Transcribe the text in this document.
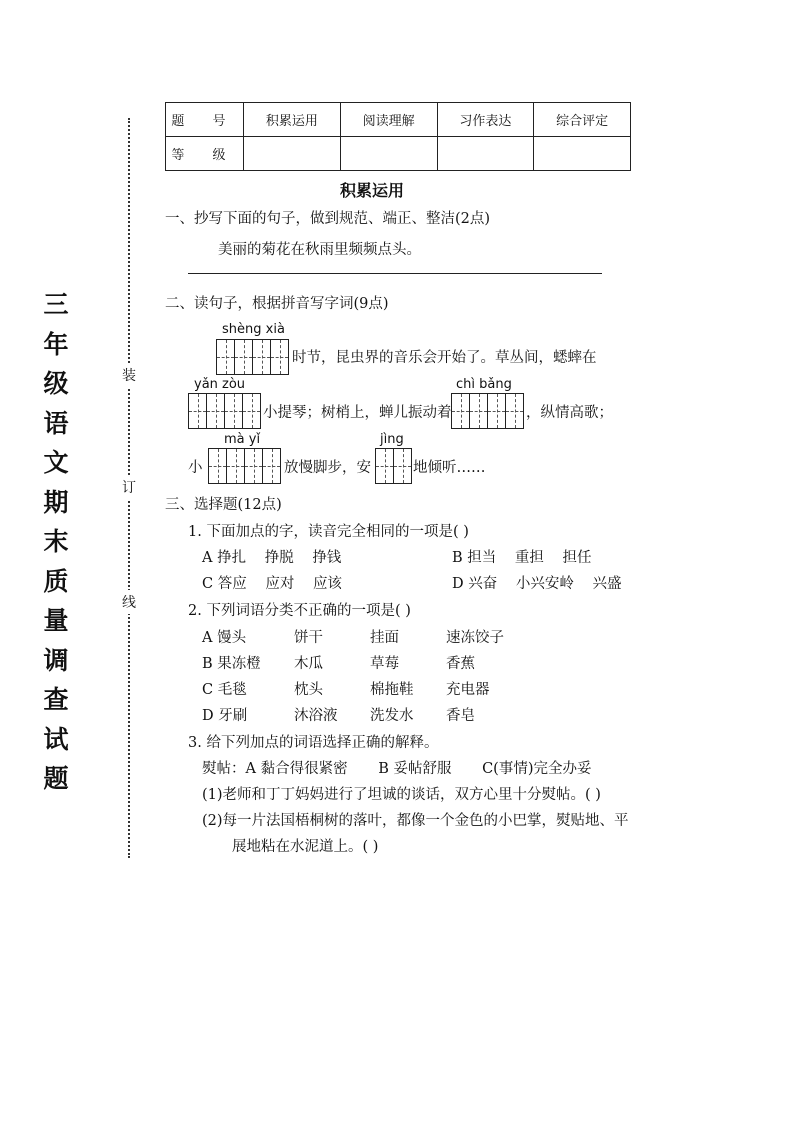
三
年
级
语
文
期
末
质
量
调
查
试
题
装
订
线
题 号	积累运用	阅读理解	习作表达	综合评定
等 级				
积累运用
一、抄写下面的句子，做到规范、端正、整洁(2点)
美丽的菊花在秋雨里频频点头。
二、读句子，根据拼音写字词(9点)
shèng xià
时节，昆虫界的音乐会开始了。草丛间，蟋蟀在
yǎn zòu
小提琴；树梢上，蝉儿振动着
chì bǎng
，纵情高歌；
小
mà yǐ
放慢脚步，安
jìng
地倾听……
三、选择题(12点)
1. 下面加点的字，读音完全相同的一项是( )
A 挣扎 挣脱 挣钱	B 担当 重担 担任
C 答应 应对 应该	D 兴奋 小兴安岭 兴盛
2. 下列词语分类不正确的一项是( )
A 馒头	饼干	挂面	速冻饺子
B 果冻橙 木瓜	草莓	香蕉
C 毛毯	枕头	棉拖鞋 充电器
D 牙刷	沐浴液 洗发水 香皂
3. 给下列加点的词语选择正确的解释。
熨帖：A 黏合得很紧密 B 妥帖舒服 C(事情)完全办妥
(1)老师和丁丁妈妈进行了坦诚的谈话，双方心里十分熨帖。( )
(2)每一片法国梧桐树的落叶，都像一个金色的小巴掌，熨贴地、平
展地粘在水泥道上。( )
